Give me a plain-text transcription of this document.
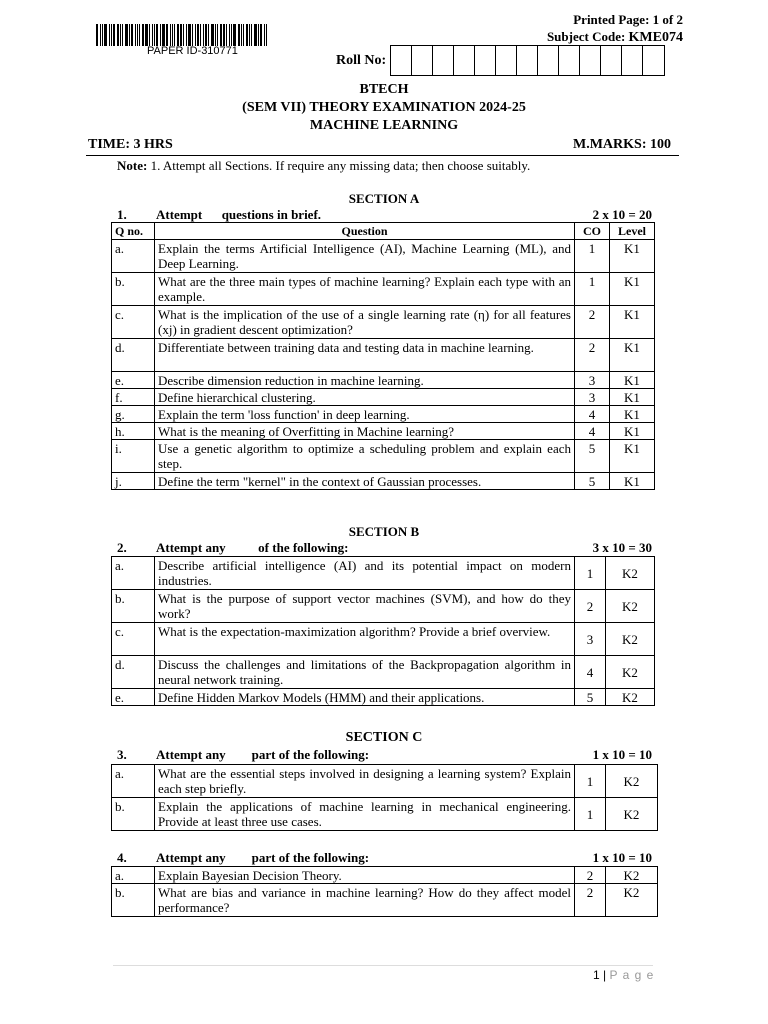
PAPER ID-310771
Printed Page: 1 of 2
Subject Code: KME074
Roll No:
BTECH
(SEM VII) THEORY EXAMINATION 2024-25
MACHINE LEARNING
TIME: 3 HRS	M.MARKS: 100
Note: 1. Attempt all Sections. If require any missing data; then choose suitably.
SECTION A
1. Attempt      questions in brief.	2 x 10 = 20
Q no.	Question	CO	Level
a.	Explain the terms Artificial Intelligence (AI), Machine Learning (ML), and Deep Learning.	1	K1
b.	What are the three main types of machine learning? Explain each type with an example.	1	K1
c.	What is the implication of the use of a single learning rate (η) for all features (xj) in gradient descent optimization?	2	K1
d.	Differentiate between training data and testing data in machine learning.	2	K1
e.	Describe dimension reduction in machine learning.	3	K1
f.	Define hierarchical clustering.	3	K1
g.	Explain the term 'loss function' in deep learning.	4	K1
h.	What is the meaning of Overfitting in Machine learning?	4	K1
i.	Use a genetic algorithm to optimize a scheduling problem and explain each step.	5	K1
j.	Define the term "kernel" in the context of Gaussian processes.	5	K1
SECTION B
2. Attempt any          of the following:	3 x 10 = 30
a.	Describe artificial intelligence (AI) and its potential impact on modern industries.	1	K2
b.	What is the purpose of support vector machines (SVM), and how do they work?	2	K2
c.	What is the expectation-maximization algorithm? Provide a brief overview.	3	K2
d.	Discuss the challenges and limitations of the Backpropagation algorithm in neural network training.	4	K2
e.	Define Hidden Markov Models (HMM) and their applications.	5	K2
SECTION C
3. Attempt any        part of the following:	1 x 10 = 10
a.	What are the essential steps involved in designing a learning system? Explain each step briefly.	1	K2
b.	Explain the applications of machine learning in mechanical engineering. Provide at least three use cases.	1	K2
4. Attempt any        part of the following:	1 x 10 = 10
a.	Explain Bayesian Decision Theory.	2	K2
b.	What are bias and variance in machine learning? How do they affect model performance?	2	K2
1 | P a g e
